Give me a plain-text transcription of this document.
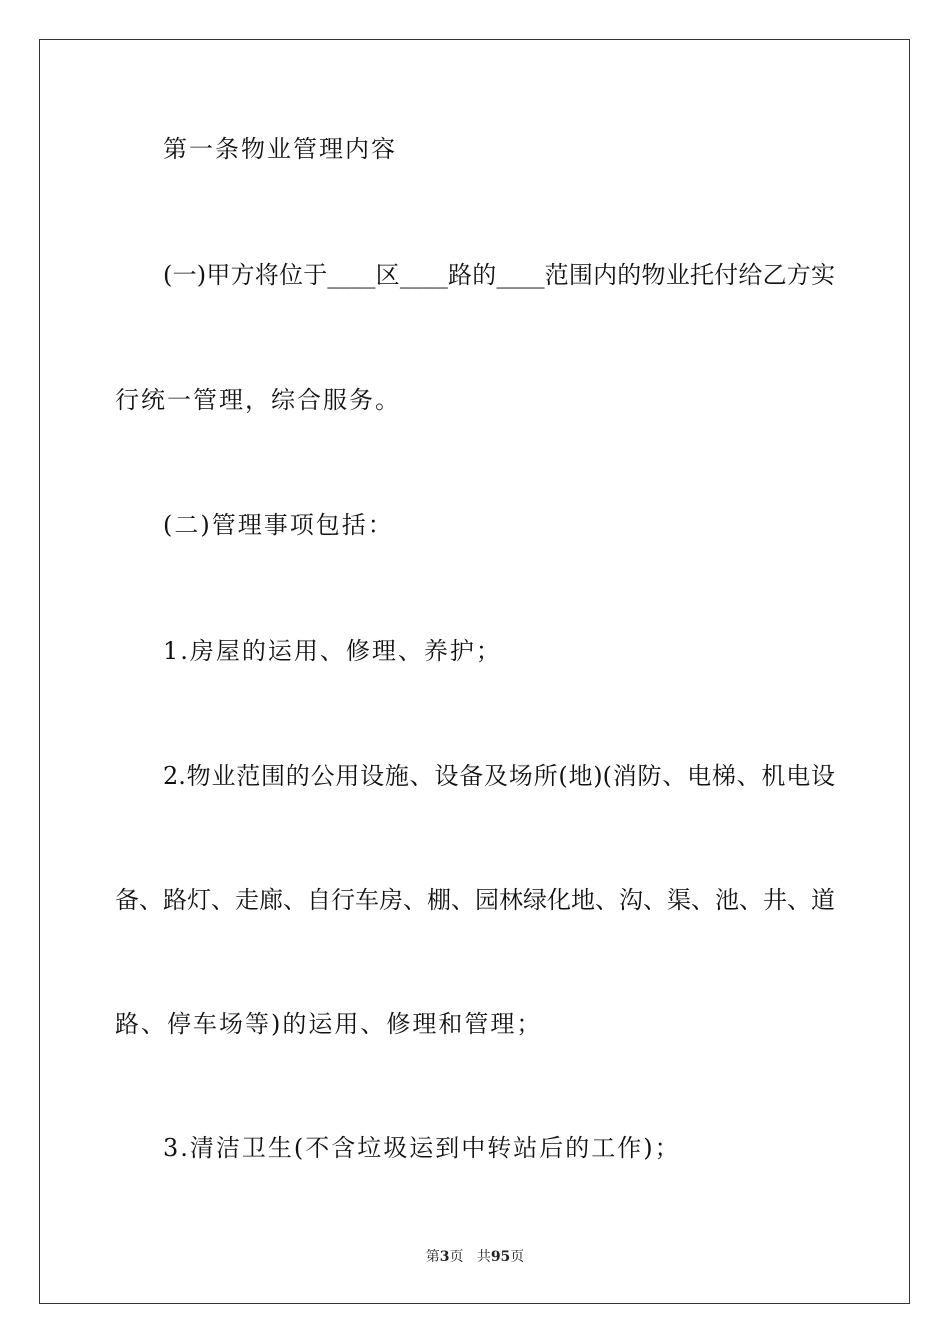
第一条物业管理内容
(一)甲方将位于____区____路的____范围内的物业托付给乙方实
行统一管理，综合服务。
(二)管理事项包括：
1.房屋的运用、修理、养护；
2.物业范围的公用设施、设备及场所(地)(消防、电梯、机电设
备、路灯、走廊、自行车房、棚、园林绿化地、沟、渠、池、井、道
路、停车场等)的运用、修理和管理；
3.清洁卫生(不含垃圾运到中转站后的工作)；
第3页 共95页
